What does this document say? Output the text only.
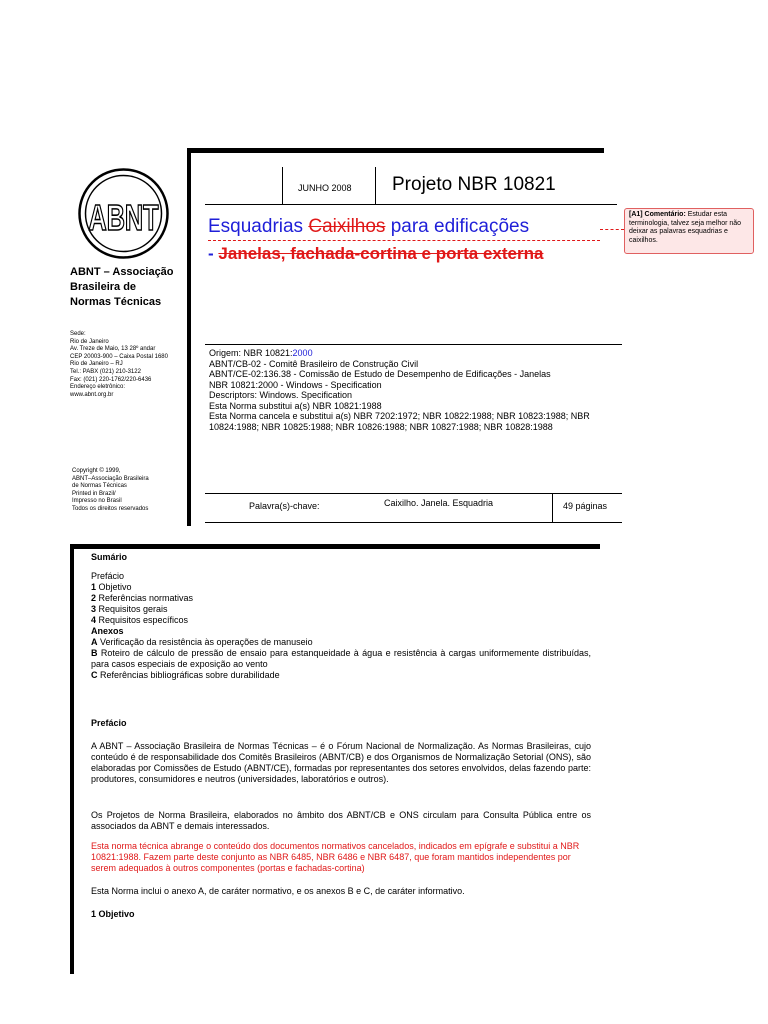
ABNT
ABNT – Associação
Brasileira de
Normas Técnicas
Sede:
Rio de Janeiro
Av. Treze de Maio, 13 28º andar
CEP 20003-900 – Caixa Postal 1680
Rio de Janeiro – RJ
Tel.: PABX (021) 210-3122
Fax: (021) 220-1762/220-6436
Endereço eletrônico:
www.abnt.org.br
Copyright © 1999,
ABNT–Associação Brasileira
de Normas Técnicas
Printed in Brazil/
Impresso no Brasil
Todos os direitos reservados
JUNHO 2008 Projeto NBR 10821
Esquadrias Caixilhos para edificações
- Janelas, fachada-cortina e porta externa
[A1] Comentário: Estudar esta terminologia, talvez seja melhor não deixar as palavras esquadrias e caixilhos.
Origem: NBR 10821:2000
ABNT/CB-02 - Comitê Brasileiro de Construção Civil
ABNT/CE-02:136.38 - Comissão de Estudo de Desempenho de Edificações - Janelas
NBR 10821:2000 - Windows - Specification
Descriptors: Windows. Specification
Esta Norma substitui a(s) NBR 10821:1988
Esta Norma cancela e substitui a(s) NBR 7202:1972; NBR 10822:1988; NBR 10823:1988; NBR 10824:1988; NBR 10825:1988; NBR 10826:1988; NBR 10827:1988; NBR 10828:1988
Palavra(s)-chave:	Caixilho. Janela. Esquadria	49 páginas
Sumário
Prefácio
1 Objetivo
2 Referências normativas
3 Requisitos gerais
4 Requisitos específicos
Anexos
A Verificação da resistência às operações de manuseio
B Roteiro de cálculo de pressão de ensaio para estanqueidade à água e resistência à cargas uniformemente distribuídas, para casos especiais de exposição ao vento
C Referências bibliográficas sobre durabilidade
Prefácio
A ABNT – Associação Brasileira de Normas Técnicas – é o Fórum Nacional de Normalização. As Normas Brasileiras, cujo conteúdo é de responsabilidade dos Comitês Brasileiros (ABNT/CB) e dos Organismos de Normalização Setorial (ONS), são elaboradas por Comissões de Estudo (ABNT/CE), formadas por representantes dos setores envolvidos, delas fazendo parte: produtores, consumidores e neutros (universidades, laboratórios e outros).
Os Projetos de Norma Brasileira, elaborados no âmbito dos ABNT/CB e ONS circulam para Consulta Pública entre os associados da ABNT e demais interessados.
Esta norma técnica abrange o conteúdo dos documentos normativos cancelados, indicados em epígrafe e substitui a NBR 10821:1988. Fazem parte deste conjunto as NBR 6485, NBR 6486 e NBR 6487, que foram mantidos independentes por serem adequados à outros componentes (portas e fachadas-cortina)
Esta Norma inclui o anexo A, de caráter normativo, e os anexos B e C, de caráter informativo.
1 Objetivo
